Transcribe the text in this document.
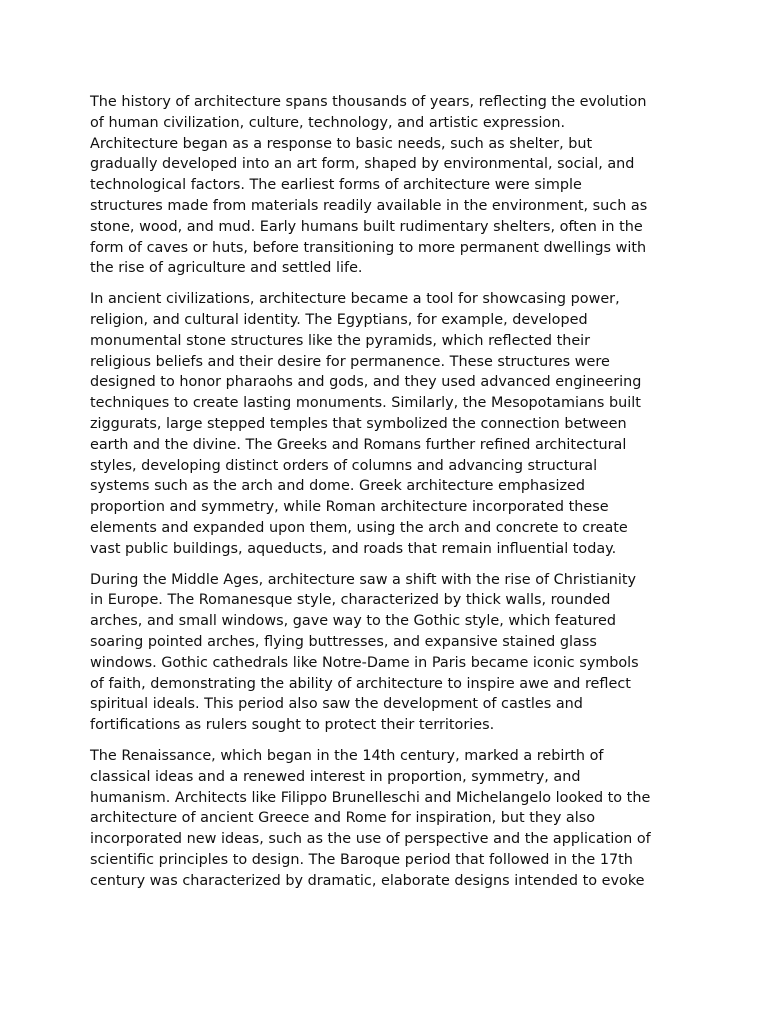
The history of architecture spans thousands of years, reflecting the evolution
of human civilization, culture, technology, and artistic expression.
Architecture began as a response to basic needs, such as shelter, but
gradually developed into an art form, shaped by environmental, social, and
technological factors. The earliest forms of architecture were simple
structures made from materials readily available in the environment, such as
stone, wood, and mud. Early humans built rudimentary shelters, often in the
form of caves or huts, before transitioning to more permanent dwellings with
the rise of agriculture and settled life.
In ancient civilizations, architecture became a tool for showcasing power,
religion, and cultural identity. The Egyptians, for example, developed
monumental stone structures like the pyramids, which reflected their
religious beliefs and their desire for permanence. These structures were
designed to honor pharaohs and gods, and they used advanced engineering
techniques to create lasting monuments. Similarly, the Mesopotamians built
ziggurats, large stepped temples that symbolized the connection between
earth and the divine. The Greeks and Romans further refined architectural
styles, developing distinct orders of columns and advancing structural
systems such as the arch and dome. Greek architecture emphasized
proportion and symmetry, while Roman architecture incorporated these
elements and expanded upon them, using the arch and concrete to create
vast public buildings, aqueducts, and roads that remain influential today.
During the Middle Ages, architecture saw a shift with the rise of Christianity
in Europe. The Romanesque style, characterized by thick walls, rounded
arches, and small windows, gave way to the Gothic style, which featured
soaring pointed arches, flying buttresses, and expansive stained glass
windows. Gothic cathedrals like Notre-Dame in Paris became iconic symbols
of faith, demonstrating the ability of architecture to inspire awe and reflect
spiritual ideals. This period also saw the development of castles and
fortifications as rulers sought to protect their territories.
The Renaissance, which began in the 14th century, marked a rebirth of
classical ideas and a renewed interest in proportion, symmetry, and
humanism. Architects like Filippo Brunelleschi and Michelangelo looked to the
architecture of ancient Greece and Rome for inspiration, but they also
incorporated new ideas, such as the use of perspective and the application of
scientific principles to design. The Baroque period that followed in the 17th
century was characterized by dramatic, elaborate designs intended to evoke
